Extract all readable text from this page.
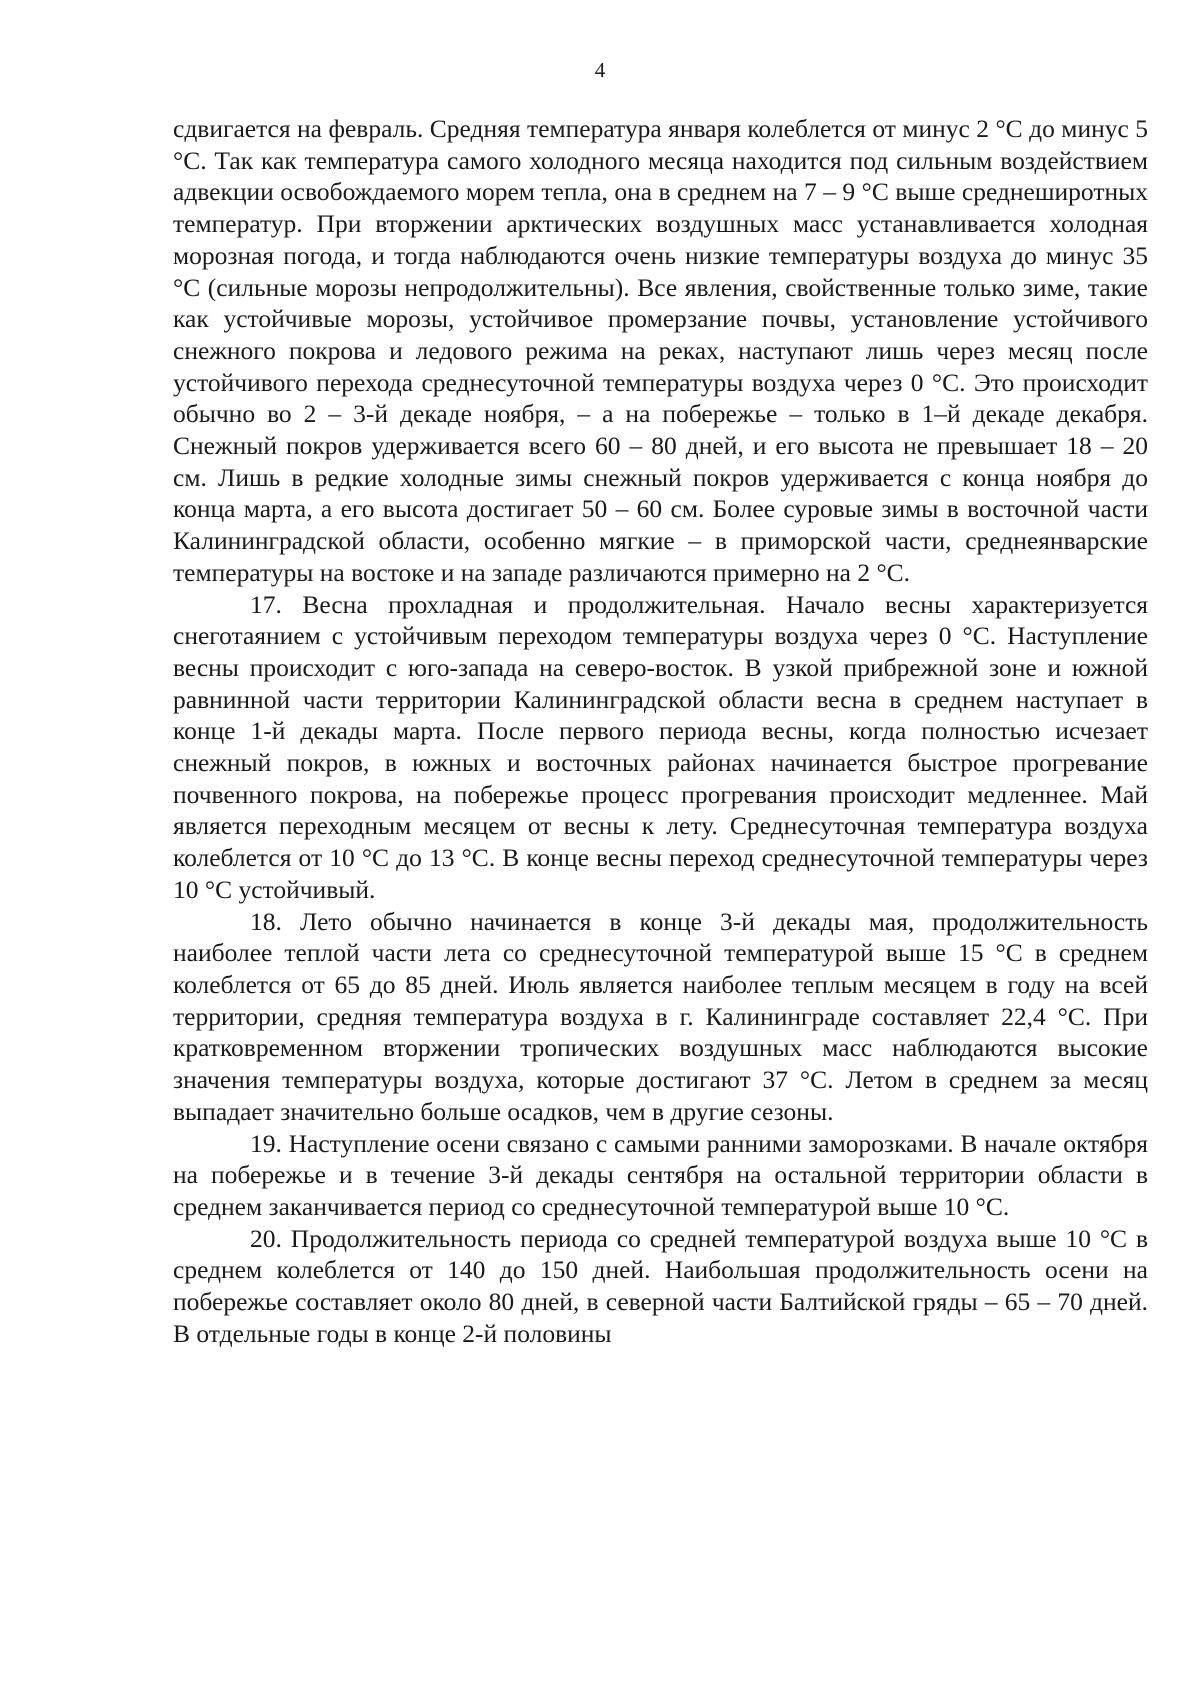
4

сдвигается на февраль. Средняя температура января колеблется от минус 2 °С до минус 5 °С. Так как температура самого холодного месяца находится под сильным воздействием адвекции освобождаемого морем тепла, она в среднем на 7 – 9 °С выше среднеширотных температур. При вторжении арктических воздушных масс устанавливается холодная морозная погода, и тогда наблюдаются очень низкие температуры воздуха до минус 35 °С (сильные морозы непродолжительны). Все явления, свойственные только зиме, такие как устойчивые морозы, устойчивое промерзание почвы, установление устойчивого снежного покрова и ледового режима на реках, наступают лишь через месяц после устойчивого перехода среднесуточной температуры воздуха через 0 °С. Это происходит обычно во 2 – 3-й декаде ноября, – а на побережье – только в 1–й декаде декабря. Снежный покров удерживается всего 60 – 80 дней, и его высота не превышает 18 – 20 см. Лишь в редкие холодные зимы снежный покров удерживается с конца ноября до конца марта, а его высота достигает 50 – 60 см. Более суровые зимы в восточной части Калининградской области, особенно мягкие – в приморской части, среднеянварские температуры на востоке и на западе различаются примерно на 2 °С.

17. Весна прохладная и продолжительная. Начало весны характеризуется снеготаянием с устойчивым переходом температуры воздуха через 0 °С. Наступление весны происходит с юго-запада на северо-восток. В узкой прибрежной зоне и южной равнинной части территории Калининградской области весна в среднем наступает в конце 1-й декады марта. После первого периода весны, когда полностью исчезает снежный покров, в южных и восточных районах начинается быстрое прогревание почвенного покрова, на побережье процесс прогревания происходит медленнее. Май является переходным месяцем от весны к лету. Среднесуточная температура воздуха колеблется от 10 °С до 13 °С. В конце весны переход среднесуточной температуры через 10 °С устойчивый.

18. Лето обычно начинается в конце 3-й декады мая, продолжительность наиболее теплой части лета со среднесуточной температурой выше 15 °С в среднем колеблется от 65 до 85 дней. Июль является наиболее теплым месяцем в году на всей территории, средняя температура воздуха в г. Калининграде составляет 22,4 °С. При кратковременном вторжении тропических воздушных масс наблюдаются высокие значения температуры воздуха, которые достигают 37 °С. Летом в среднем за месяц выпадает значительно больше осадков, чем в другие сезоны.

19. Наступление осени связано с самыми ранними заморозками. В начале октября на побережье и в течение 3-й декады сентября на остальной территории области в среднем заканчивается период со среднесуточной температурой выше 10 °С.

20. Продолжительность периода со средней температурой воздуха выше 10 °С в среднем колеблется от 140 до 150 дней. Наибольшая продолжительность осени на побережье составляет около 80 дней, в северной части Балтийской гряды – 65 – 70 дней. В отдельные годы в конце 2-й половины
